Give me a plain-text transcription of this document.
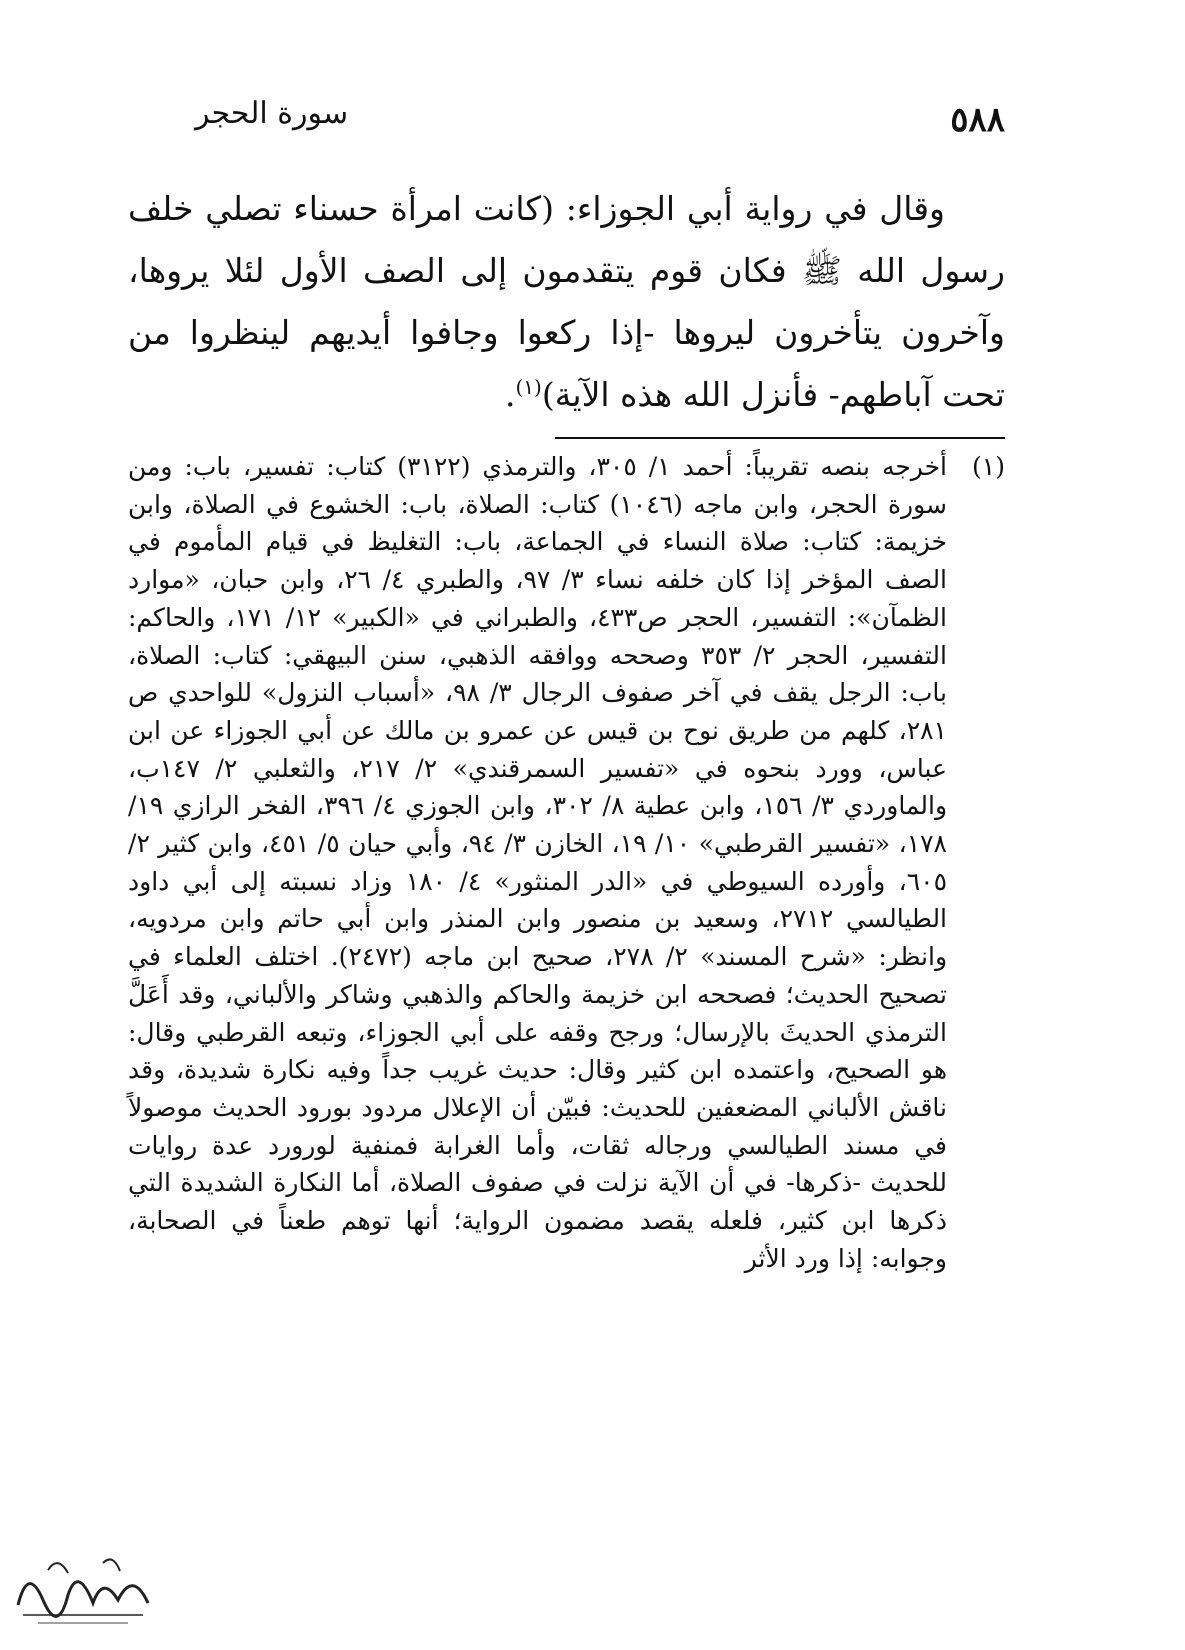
٥٨٨
سورة الحجر

وقال في رواية أبي الجوزاء: (كانت امرأة حسناء تصلي خلف رسول الله ﷺ فكان قوم يتقدمون إلى الصف الأول لئلا يروها، وآخرون يتأخرون ليروها -إذا ركعوا وجافوا أيديهم لينظروا من تحت آباطهم- فأنزل الله هذه الآية)$^{(١)}$.

(١)
أخرجه بنصه تقريباً: أحمد ١/ ٣٠٥، والترمذي (٣١٢٢) كتاب: تفسير، باب: ومن سورة الحجر، وابن ماجه (١٠٤٦) كتاب: الصلاة، باب: الخشوع في الصلاة، وابن خزيمة: كتاب: صلاة النساء في الجماعة، باب: التغليظ في قيام المأموم في الصف المؤخر إذا كان خلفه نساء ٣/ ٩٧، والطبري ٤/ ٢٦، وابن حبان، «موارد الظمآن»: التفسير، الحجر ص٤٣٣، والطبراني في «الكبير» ١٢/ ١٧١، والحاكم: التفسير، الحجر ٢/ ٣٥٣ وصححه ووافقه الذهبي، سنن البيهقي: كتاب: الصلاة، باب: الرجل يقف في آخر صفوف الرجال ٣/ ٩٨، «أسباب النزول» للواحدي ص ٢٨١، كلهم من طريق نوح بن قيس عن عمرو بن مالك عن أبي الجوزاء عن ابن عباس، وورد بنحوه في «تفسير السمرقندي» ٢/ ٢١٧، والثعلبي ٢/ ١٤٧ب، والماوردي ٣/ ١٥٦، وابن عطية ٨/ ٣٠٢، وابن الجوزي ٤/ ٣٩٦، الفخر الرازي ١٩/ ١٧٨، «تفسير القرطبي» ١٠/ ١٩، الخازن ٣/ ٩٤، وأبي حيان ٥/ ٤٥١، وابن كثير ٢/ ٦٠٥، وأورده السيوطي في «الدر المنثور» ٤/ ١٨٠ وزاد نسبته إلى أبي داود الطيالسي ٢٧١٢، وسعيد بن منصور وابن المنذر وابن أبي حاتم وابن مردويه، وانظر: «شرح المسند» ٢/ ٢٧٨، صحيح ابن ماجه (٢٤٧٢). اختلف العلماء في تصحيح الحديث؛ فصححه ابن خزيمة والحاكم والذهبي وشاكر والألباني، وقد أَعَلَّ الترمذي الحديثَ بالإرسال؛ ورجح وقفه على أبي الجوزاء، وتبعه القرطبي وقال: هو الصحيح، واعتمده ابن كثير وقال: حديث غريب جداً وفيه نكارة شديدة، وقد ناقش الألباني المضعفين للحديث: فبيّن أن الإعلال مردود بورود الحديث موصولاً في مسند الطيالسي ورجاله ثقات، وأما الغرابة فمنفية لورورد عدة روايات للحديث -ذكرها- في أن الآية نزلت في صفوف الصلاة، أما النكارة الشديدة التي ذكرها ابن كثير، فلعله يقصد مضمون الرواية؛ أنها توهم طعناً في الصحابة، وجوابه: إذا ورد الأثر
